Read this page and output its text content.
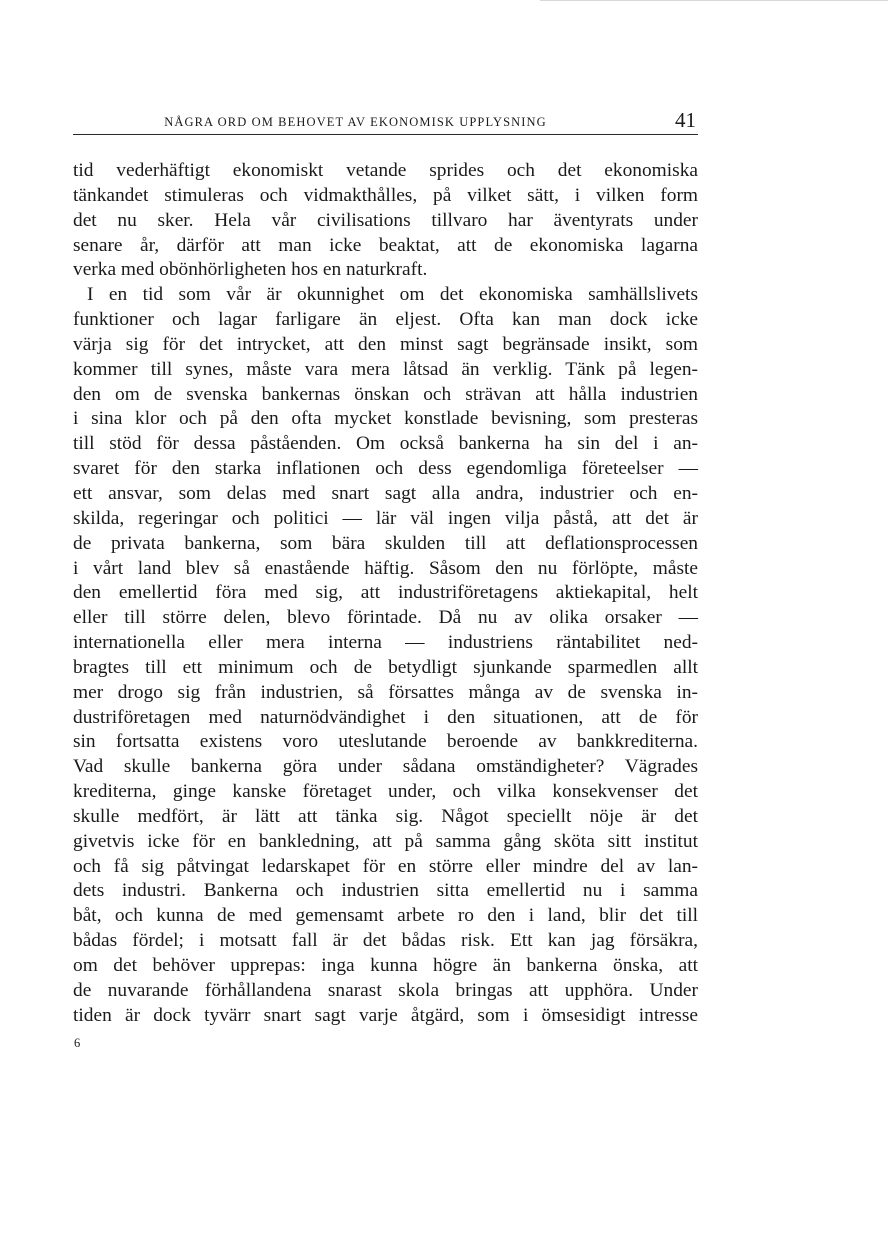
NÅGRA ORD OM BEHOVET AV EKONOMISK UPPLYSNING	41
tid vederhäftigt ekonomiskt vetande sprides och det ekonomiska
tänkandet stimuleras och vidmakthålles, på vilket sätt, i vilken form
det nu sker. Hela vår civilisations tillvaro har äventyrats under
senare år, därför att man icke beaktat, att de ekonomiska lagarna
verka med obönhörligheten hos en naturkraft.
I en tid som vår är okunnighet om det ekonomiska samhällslivets
funktioner och lagar farligare än eljest. Ofta kan man dock icke
värja sig för det intrycket, att den minst sagt begränsade insikt, som
kommer till synes, måste vara mera låtsad än verklig. Tänk på legen-
den om de svenska bankernas önskan och strävan att hålla industrien
i sina klor och på den ofta mycket konstlade bevisning, som presteras
till stöd för dessa påståenden. Om också bankerna ha sin del i an-
svaret för den starka inflationen och dess egendomliga företeelser —
ett ansvar, som delas med snart sagt alla andra, industrier och en-
skilda, regeringar och politici — lär väl ingen vilja påstå, att det är
de privata bankerna, som bära skulden till att deflationsprocessen
i vårt land blev så enastående häftig. Såsom den nu förlöpte, måste
den emellertid föra med sig, att industriföretagens aktiekapital, helt
eller till större delen, blevo förintade. Då nu av olika orsaker —
internationella eller mera interna — industriens räntabilitet ned-
bragtes till ett minimum och de betydligt sjunkande sparmedlen allt
mer drogo sig från industrien, så försattes många av de svenska in-
dustriföretagen med naturnödvändighet i den situationen, att de för
sin fortsatta existens voro uteslutande beroende av bankkrediterna.
Vad skulle bankerna göra under sådana omständigheter? Vägrades
krediterna, ginge kanske företaget under, och vilka konsekvenser det
skulle medfört, är lätt att tänka sig. Något speciellt nöje är det
givetvis icke för en bankledning, att på samma gång sköta sitt institut
och få sig påtvingat ledarskapet för en större eller mindre del av lan-
dets industri. Bankerna och industrien sitta emellertid nu i samma
båt, och kunna de med gemensamt arbete ro den i land, blir det till
bådas fördel; i motsatt fall är det bådas risk. Ett kan jag försäkra,
om det behöver upprepas: inga kunna högre än bankerna önska, att
de nuvarande förhållandena snarast skola bringas att upphöra. Under
tiden är dock tyvärr snart sagt varje åtgärd, som i ömsesidigt intresse
6
